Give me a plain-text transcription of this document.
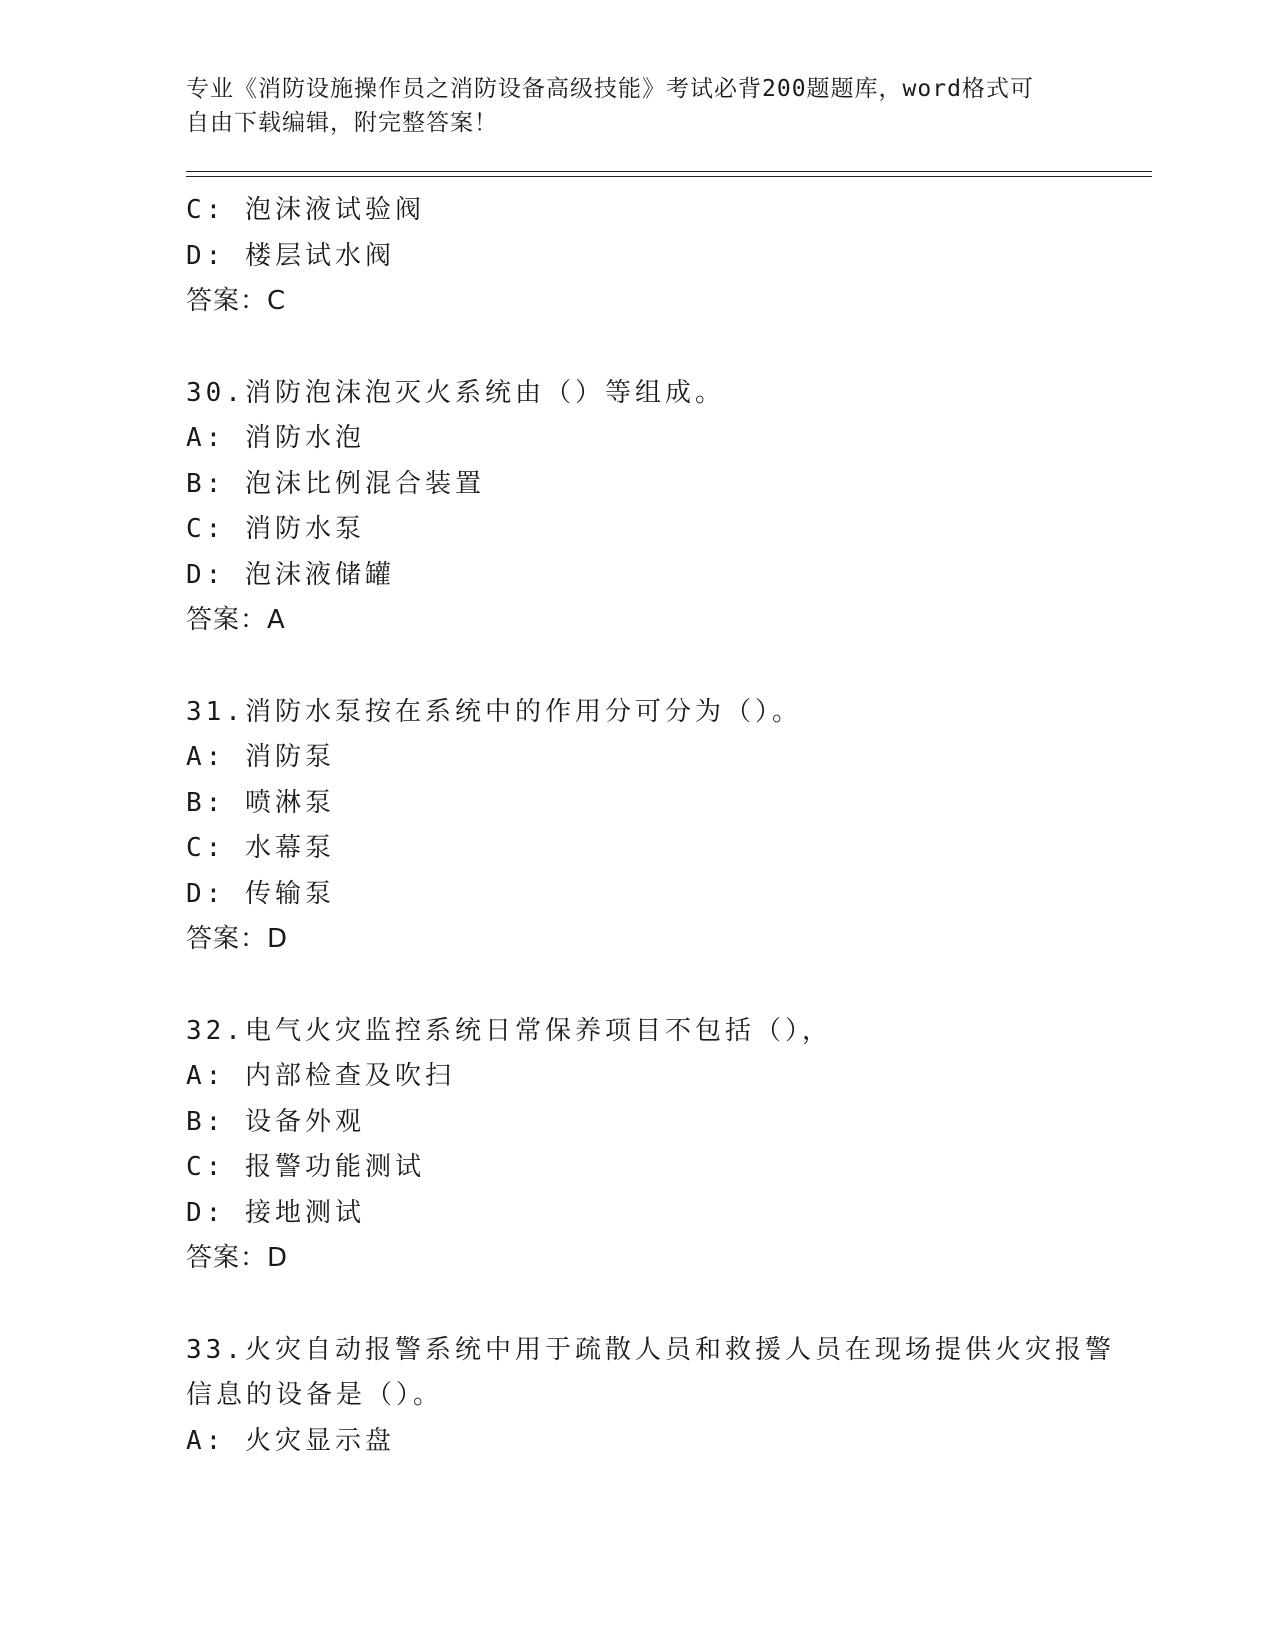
专业《消防设施操作员之消防设备高级技能》考试必背200题题库，word格式可
自由下载编辑，附完整答案！
C: 泡沫液试验阀
D: 楼层试水阀
答案：C
30.消防泡沫泡灭火系统由（）等组成。
A: 消防水泡
B: 泡沫比例混合装置
C: 消防水泵
D: 泡沫液储罐
答案：A
31.消防水泵按在系统中的作用分可分为（）。
A: 消防泵
B: 喷淋泵
C: 水幕泵
D: 传输泵
答案：D
32.电气火灾监控系统日常保养项目不包括（），
A: 内部检查及吹扫
B: 设备外观
C: 报警功能测试
D: 接地测试
答案：D
33.火灾自动报警系统中用于疏散人员和救援人员在现场提供火灾报警
信息的设备是（）。
A: 火灾显示盘
